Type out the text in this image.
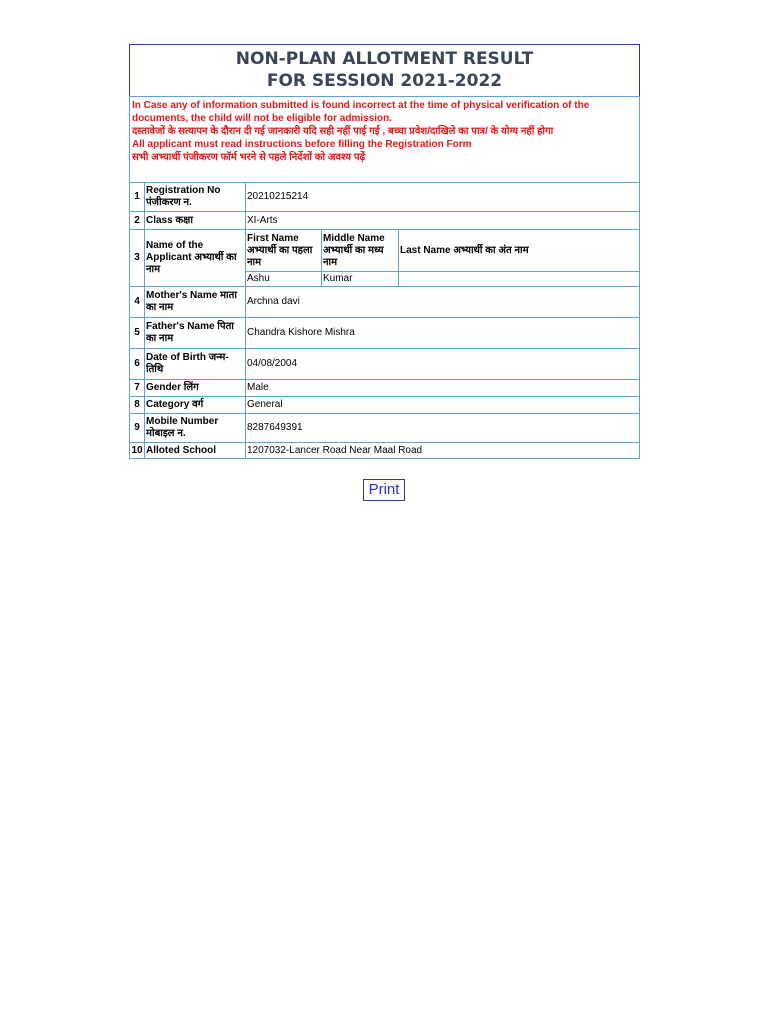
NON-PLAN ALLOTMENT RESULT
FOR SESSION 2021-2022
In Case any of information submitted is found incorrect at the time of physical verification of the documents, the child will not be eligible for admission.
दस्तावेजों के सत्यापन के दौरान दी गई जानकारी यदि सही नहीं पाई गई , बच्चा प्रवेश/दाखिले का पात्र/ के योग्य नहीं होगा
All applicant must read instructions before filling the Registration Form
सभी अभ्यार्थी पंजीकरण फॉर्म भरने से पहले निर्देशों को अवश्य पढ़ें
1	Registration No पंजीकरण न.	20210215214		
2	Class कक्षा	XI-Arts		
3	Name of the Applicant अभ्यार्थी का नाम	First Name अभ्यार्थी का पहला नाम	Middle Name अभ्यार्थी का मध्य नाम	Last Name अभ्यार्थी का अंत नाम
		Ashu	Kumar	
4	Mother's Name माता का नाम	Archna davi		
5	Father's Name पिता का नाम	Chandra Kishore Mishra		
6	Date of Birth जन्म-तिथि	04/08/2004		
7	Gender लिंग	Male		
8	Category वर्ग	General		
9	Mobile Number मोबाइल न.	8287649391		
10	Alloted School	1207032-Lancer Road Near Maal Road		
Print
